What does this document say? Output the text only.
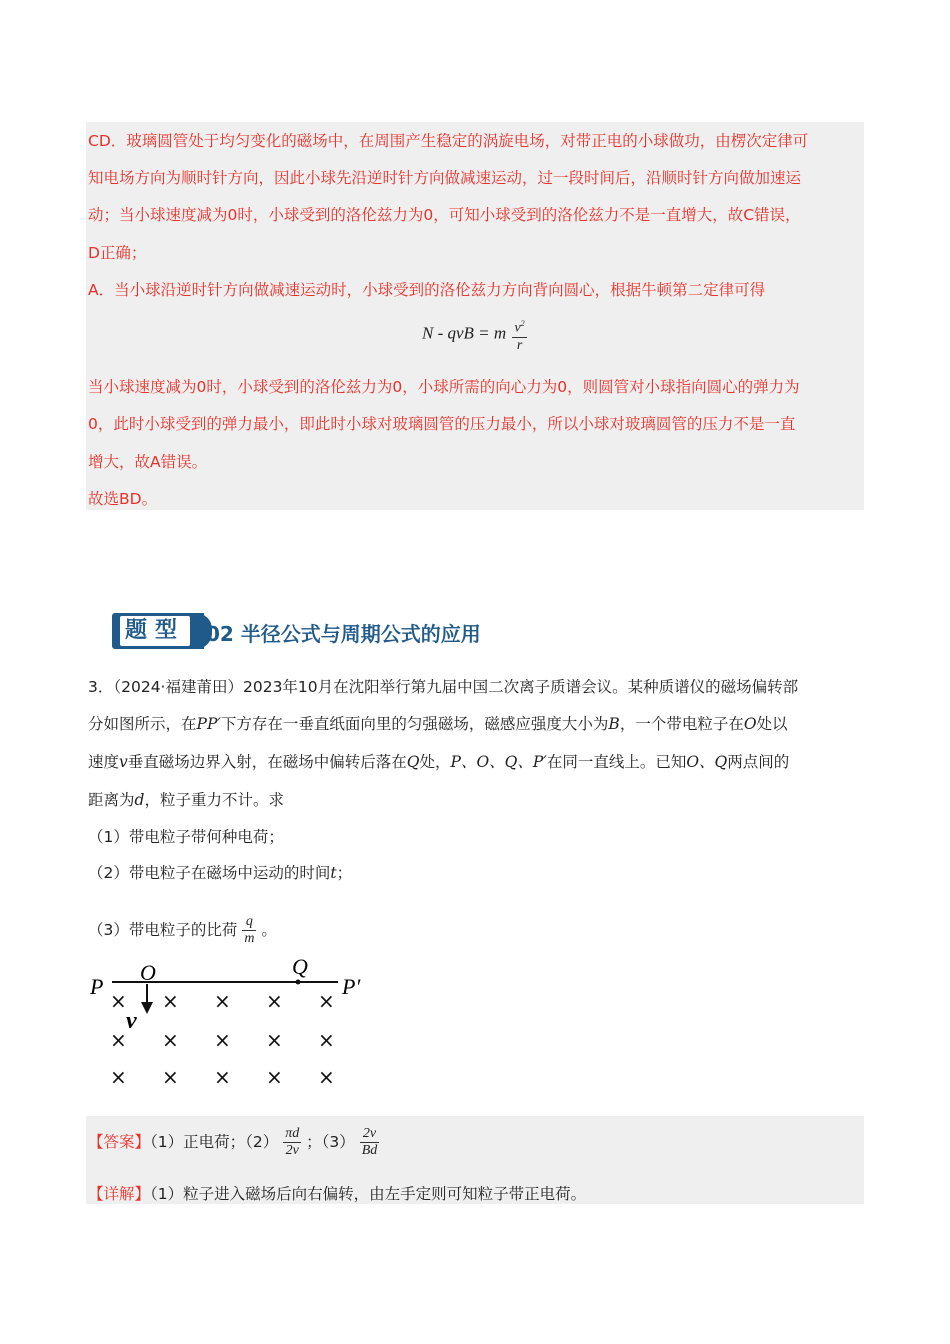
CD．玻璃圆管处于均匀变化的磁场中，在周围产生稳定的涡旋电场，对带正电的小球做功，由楞次定律可
知电场方向为顺时针方向，因此小球先沿逆时针方向做减速运动，过一段时间后，沿顺时针方向做加速运
动；当小球速度减为0时，小球受到的洛伦兹力为0，可知小球受到的洛伦兹力不是一直增大，故C错误，
D正确；
A．当小球沿逆时针方向做减速运动时，小球受到的洛伦兹力方向背向圆心，根据牛顿第二定律可得
N - qvB = m $\frac{v^2}{r}$
当小球速度减为0时，小球受到的洛伦兹力为0，小球所需的向心力为0，则圆管对小球指向圆心的弹力为
0，此时小球受到的弹力最小，即此时小球对玻璃圆管的压力最小，所以小球对玻璃圆管的压力不是一直
增大，故A错误。
故选BD。
题型 02 半径公式与周期公式的应用
3．（2024·福建莆田）2023年10月在沈阳举行第九届中国二次离子质谱会议。某种质谱仪的磁场偏转部
分如图所示，在PP′下方存在一垂直纸面向里的匀强磁场，磁感应强度大小为B，一个带电粒子在O处以
速度v垂直磁场边界入射，在磁场中偏转后落在Q处，P、O、Q、P′在同一直线上。已知O、Q两点间的
距离为d，粒子重力不计。求
（1）带电粒子带何种电荷；
（2）带电粒子在磁场中运动的时间t；
（3）带电粒子的比荷 $\frac{q}{m}$ 。
P
O	Q
P′
v
× × × × ×
× × × × ×
× × × × ×
【答案】（1）正电荷；$(2) \frac{\pi d}{2v}$ ；$(3) \frac{2v}{Bd}$
【详解】（1）粒子进入磁场后向右偏转，由左手定则可知粒子带正电荷。
